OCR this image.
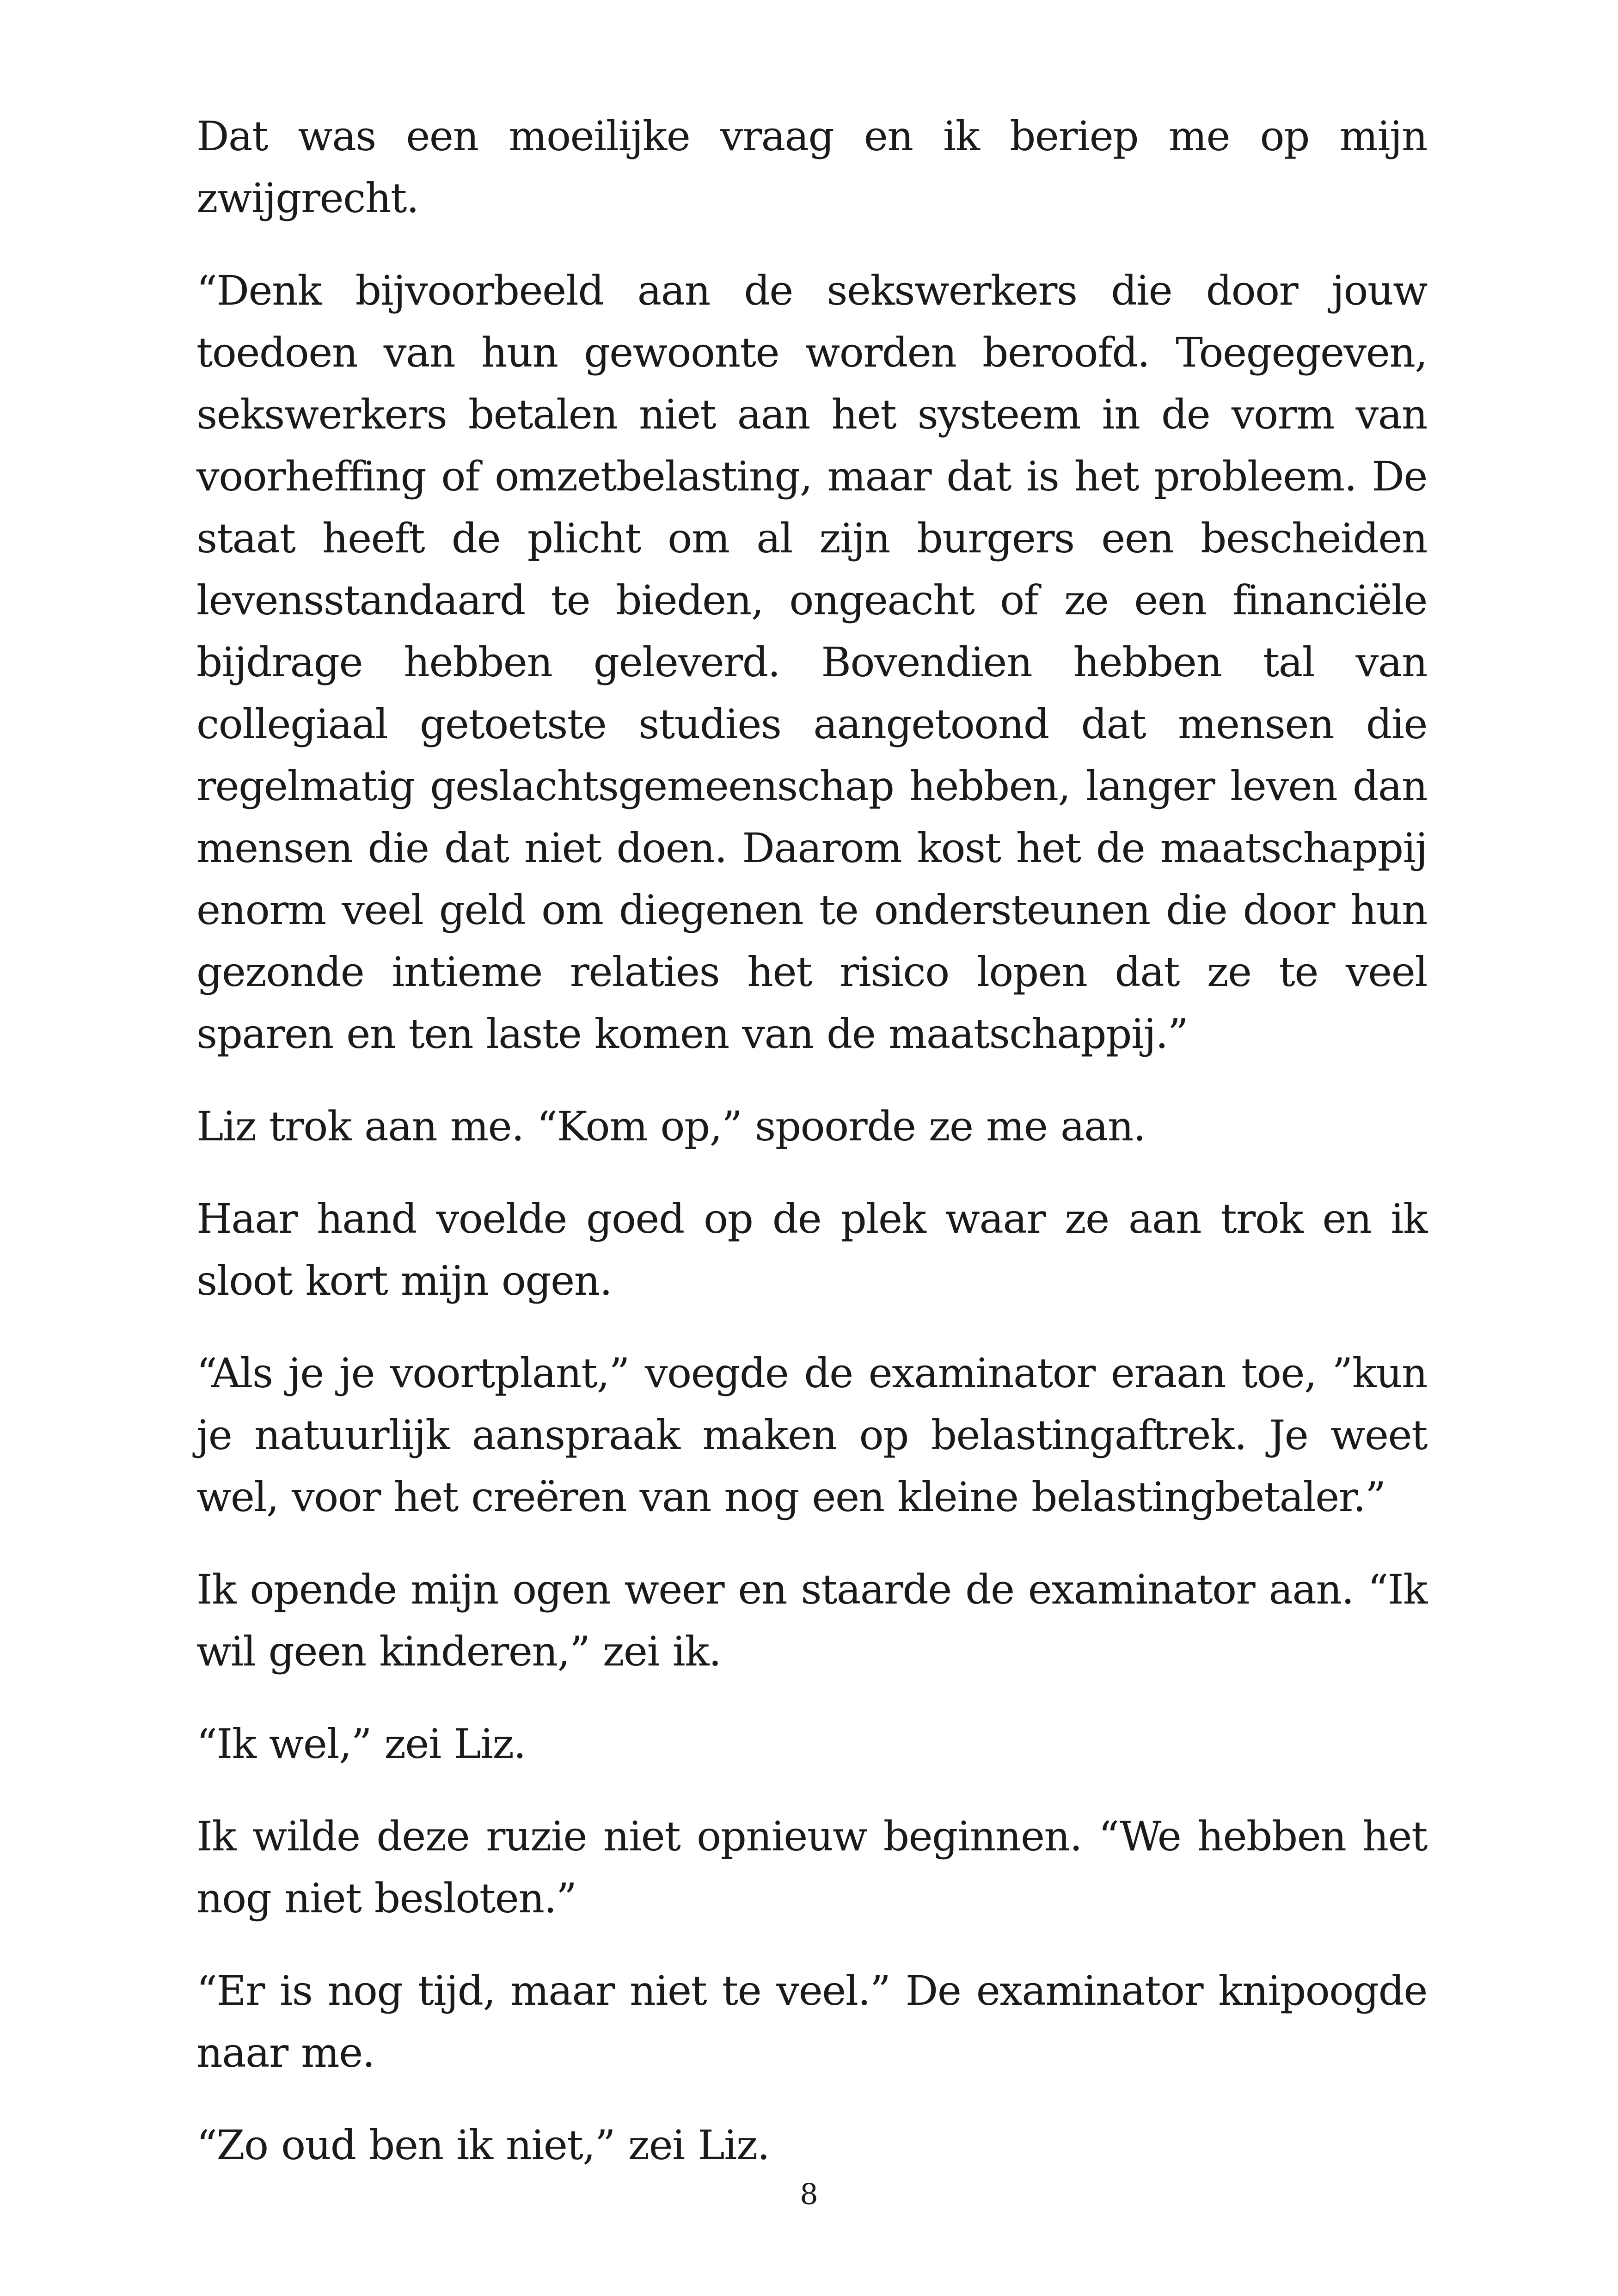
Dat was een moeilijke vraag en ik beriep me op mijn zwijgrecht.

“Denk bijvoorbeeld aan de sekswerkers die door jouw toedoen van hun gewoonte worden beroofd. Toegegeven, sekswerkers betalen niet aan het systeem in de vorm van voorheffing of omzetbelasting, maar dat is het probleem. De staat heeft de plicht om al zijn burgers een bescheiden levensstandaard te bieden, ongeacht of ze een financiële bijdrage hebben geleverd. Bovendien hebben tal van collegiaal getoetste studies aangetoond dat mensen die regelmatig geslachtsgemeenschap hebben, langer leven dan mensen die dat niet doen. Daarom kost het de maatschappij enorm veel geld om diegenen te ondersteunen die door hun gezonde intieme relaties het risico lopen dat ze te veel sparen en ten laste komen van de maatschappij.”

Liz trok aan me. “Kom op,” spoorde ze me aan.

Haar hand voelde goed op de plek waar ze aan trok en ik sloot kort mijn ogen.

“Als je je voortplant,” voegde de examinator eraan toe, ”kun je natuurlijk aanspraak maken op belastingaftrek. Je weet wel, voor het creëren van nog een kleine belastingbetaler.”

Ik opende mijn ogen weer en staarde de examinator aan. “Ik wil geen kinderen,” zei ik.

“Ik wel,” zei Liz.

Ik wilde deze ruzie niet opnieuw beginnen. “We hebben het nog niet besloten.”

“Er is nog tijd, maar niet te veel.” De examinator knipoogde naar me.

“Zo oud ben ik niet,” zei Liz.

8
